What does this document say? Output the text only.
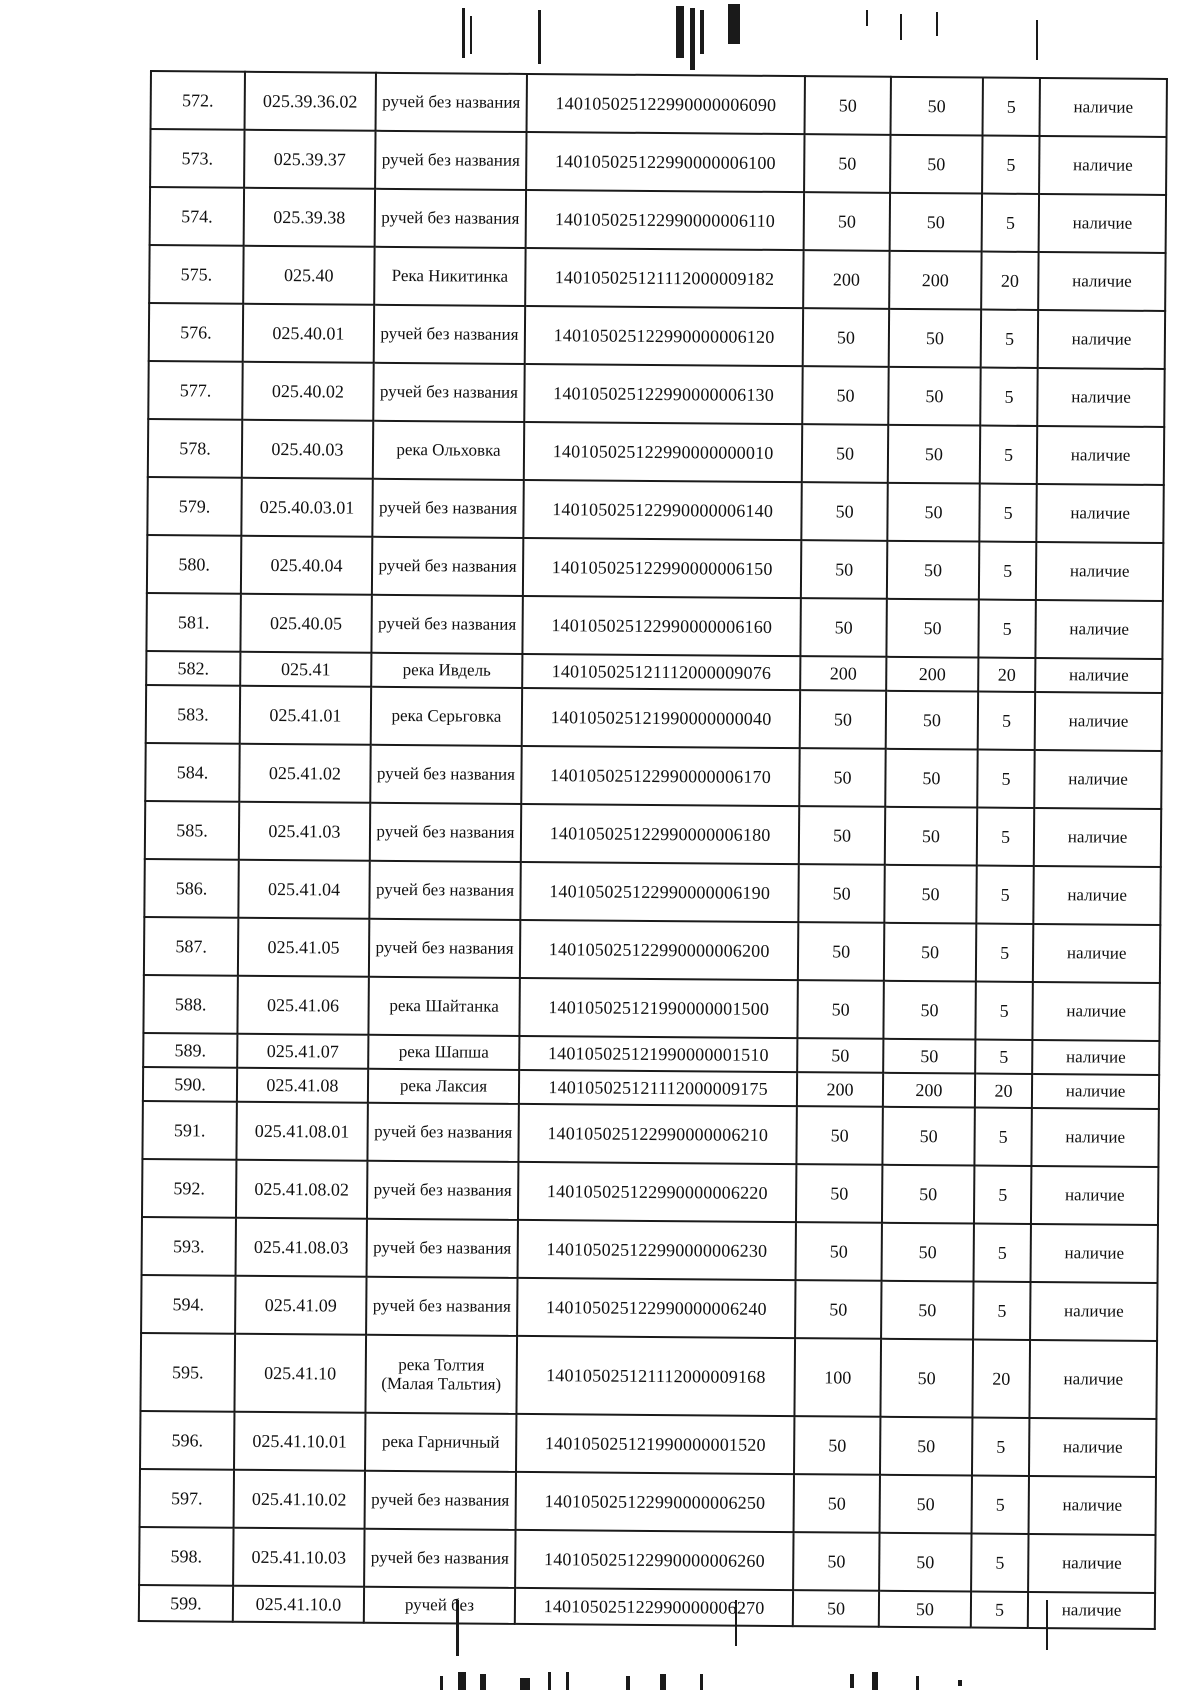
572.	025.39.36.02	ручей без названия	140105025122990000006090	50	50	5	наличие
573.	025.39.37	ручей без названия	140105025122990000006100	50	50	5	наличие
574.	025.39.38	ручей без названия	140105025122990000006110	50	50	5	наличие
575.	025.40	Река Никитинка	140105025121112000009182	200	200	20	наличие
576.	025.40.01	ручей без названия	140105025122990000006120	50	50	5	наличие
577.	025.40.02	ручей без названия	140105025122990000006130	50	50	5	наличие
578.	025.40.03	река Ольховка	140105025122990000000010	50	50	5	наличие
579.	025.40.03.01	ручей без названия	140105025122990000006140	50	50	5	наличие
580.	025.40.04	ручей без названия	140105025122990000006150	50	50	5	наличие
581.	025.40.05	ручей без названия	140105025122990000006160	50	50	5	наличие
582.	025.41	река Ивдель	140105025121112000009076	200	200	20	наличие
583.	025.41.01	река Серьговка	140105025121990000000040	50	50	5	наличие
584.	025.41.02	ручей без названия	140105025122990000006170	50	50	5	наличие
585.	025.41.03	ручей без названия	140105025122990000006180	50	50	5	наличие
586.	025.41.04	ручей без названия	140105025122990000006190	50	50	5	наличие
587.	025.41.05	ручей без названия	140105025122990000006200	50	50	5	наличие
588.	025.41.06	река Шайтанка	140105025121990000001500	50	50	5	наличие
589.	025.41.07	река Шапша	140105025121990000001510	50	50	5	наличие
590.	025.41.08	река Лаксия	140105025121112000009175	200	200	20	наличие
591.	025.41.08.01	ручей без названия	140105025122990000006210	50	50	5	наличие
592.	025.41.08.02	ручей без названия	140105025122990000006220	50	50	5	наличие
593.	025.41.08.03	ручей без названия	140105025122990000006230	50	50	5	наличие
594.	025.41.09	ручей без названия	140105025122990000006240	50	50	5	наличие
595.	025.41.10	река Толтия (Малая Тальтия)	140105025121112000009168	100	50	20	наличие
596.	025.41.10.01	река Гарничный	140105025121990000001520	50	50	5	наличие
597.	025.41.10.02	ручей без названия	140105025122990000006250	50	50	5	наличие
598.	025.41.10.03	ручей без названия	140105025122990000006260	50	50	5	наличие
599.	025.41.10.0	ручей без	140105025122990000006270	50	50	5	наличие
